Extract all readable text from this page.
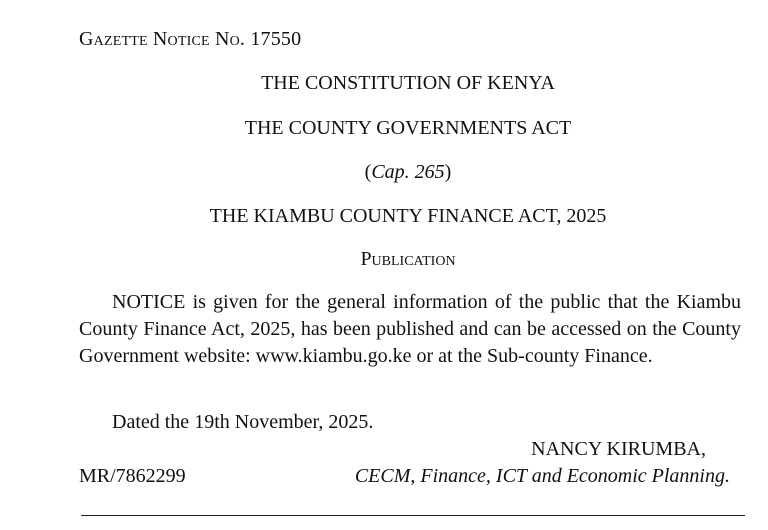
Gazette Notice No. 17550
THE CONSTITUTION OF KENYA
THE COUNTY GOVERNMENTS ACT
(Cap. 265)
THE KIAMBU COUNTY FINANCE ACT, 2025
Publication
NOTICE is given for the general information of the public that the Kiambu County Finance Act, 2025, has been published and can be accessed on the County Government website: www.kiambu.go.ke or at the Sub-county Finance.
Dated the 19th November, 2025.
NANCY KIRUMBA,
MR/7862299	CECM, Finance, ICT and Economic Planning.
